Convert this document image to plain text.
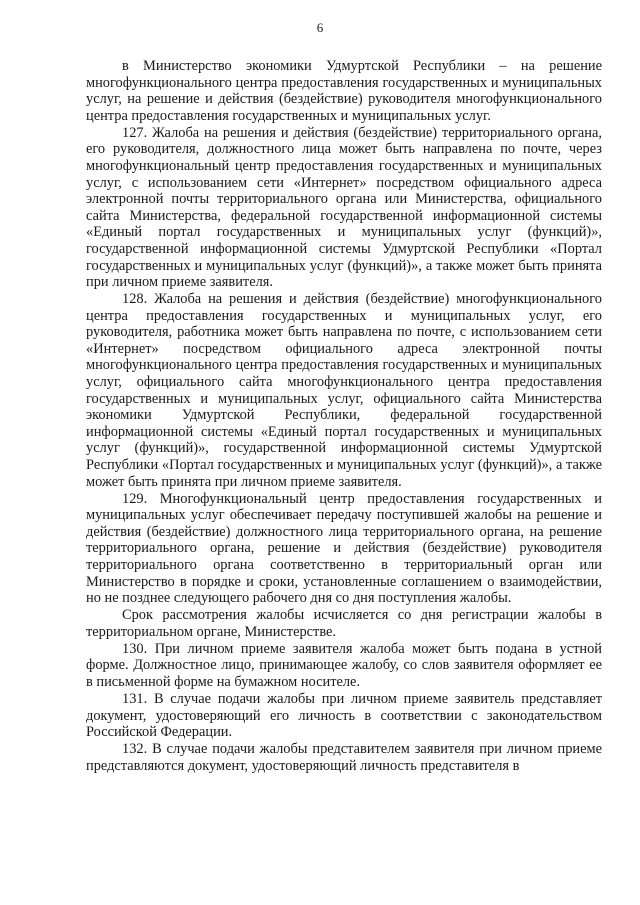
6

в Министерство экономики Удмуртской Республики – на решение многофункционального центра предоставления государственных и муниципальных услуг, на решение и действия (бездействие) руководителя многофункционального центра предоставления государственных и муниципальных услуг.

127. Жалоба на решения и действия (бездействие) территориального органа, его руководителя, должностного лица может быть направлена по почте, через многофункциональный центр предоставления государственных и муниципальных услуг, с использованием сети «Интернет» посредством официального адреса электронной почты территориального органа или Министерства, официального сайта Министерства, федеральной государственной информационной системы «Единый портал государственных и муниципальных услуг (функций)», государственной информационной системы Удмуртской Республики «Портал государственных и муниципальных услуг (функций)», а также может быть принята при личном приеме заявителя.

128. Жалоба на решения и действия (бездействие) многофункционального центра предоставления государственных и муниципальных услуг, его руководителя, работника может быть направлена по почте, с использованием сети «Интернет» посредством официального адреса электронной почты многофункционального центра предоставления государственных и муниципальных услуг, официального сайта многофункционального центра предоставления государственных и муниципальных услуг, официального сайта Министерства экономики Удмуртской Республики, федеральной государственной информационной системы «Единый портал государственных и муниципальных услуг (функций)», государственной информационной системы Удмуртской Республики «Портал государственных и муниципальных услуг (функций)», а также может быть принята при личном приеме заявителя.

129. Многофункциональный центр предоставления государственных и муниципальных услуг обеспечивает передачу поступившей жалобы на решение и действия (бездействие) должностного лица территориального органа, на решение территориального органа, решение и действия (бездействие) руководителя территориального органа соответственно в территориальный орган или Министерство в порядке и сроки, установленные соглашением о взаимодействии, но не позднее следующего рабочего дня со дня поступления жалобы.

Срок рассмотрения жалобы исчисляется со дня регистрации жалобы в территориальном органе, Министерстве.

130. При личном приеме заявителя жалоба может быть подана в устной форме. Должностное лицо, принимающее жалобу, со слов заявителя оформляет ее в письменной форме на бумажном носителе.

131. В случае подачи жалобы при личном приеме заявитель представляет документ, удостоверяющий его личность в соответствии с законодательством Российской Федерации.

132. В случае подачи жалобы представителем заявителя при личном приеме представляются документ, удостоверяющий личность представителя в
